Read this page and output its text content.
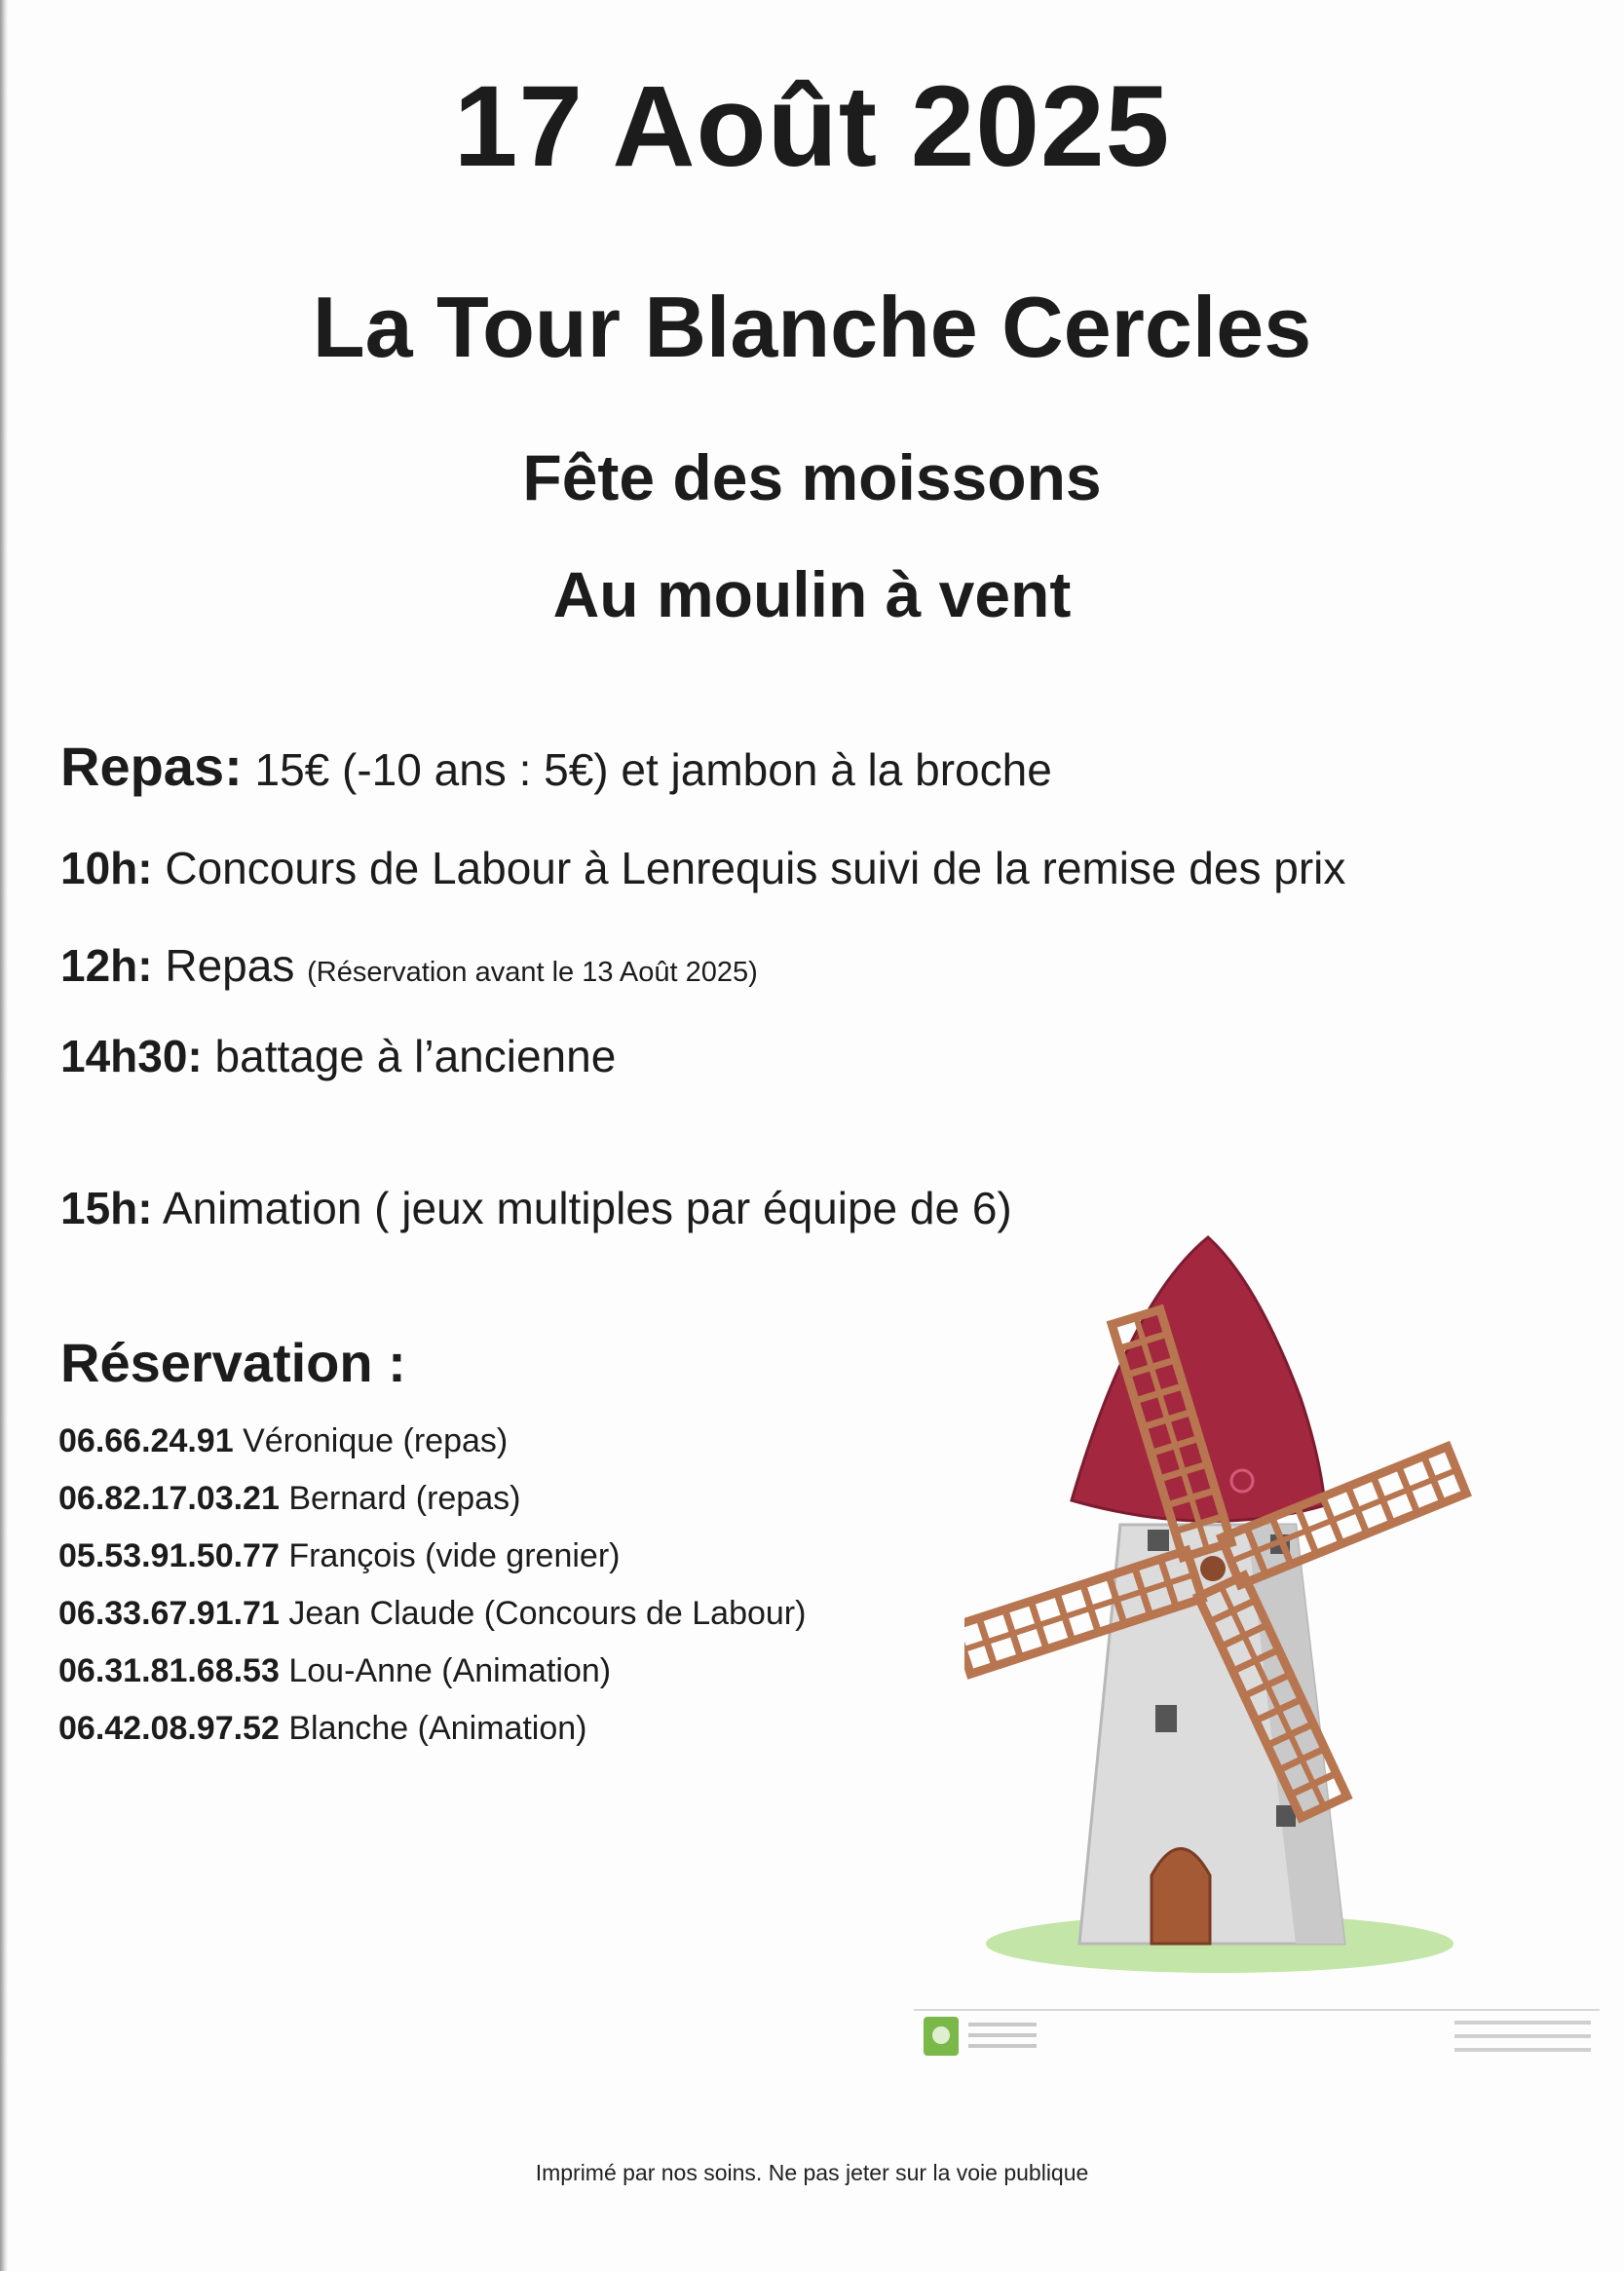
17 Août 2025
La Tour Blanche Cercles
Fête des moissons
Au moulin à vent
Repas: 15€ (-10 ans : 5€) et jambon à la broche
10h: Concours de Labour à Lenrequis suivi de la remise des prix
12h: Repas (Réservation avant le 13 Août 2025)
14h30: battage à l’ancienne
15h: Animation ( jeux multiples par équipe de 6)
Réservation :
06.66.24.91 Véronique (repas)
06.82.17.03.21 Bernard (repas)
05.53.91.50.77 François (vide grenier)
06.33.67.91.71 Jean Claude (Concours de Labour)
06.31.81.68.53 Lou-Anne (Animation)
06.42.08.97.52 Blanche (Animation)
Imprimé par nos soins. Ne pas jeter sur la voie publique
